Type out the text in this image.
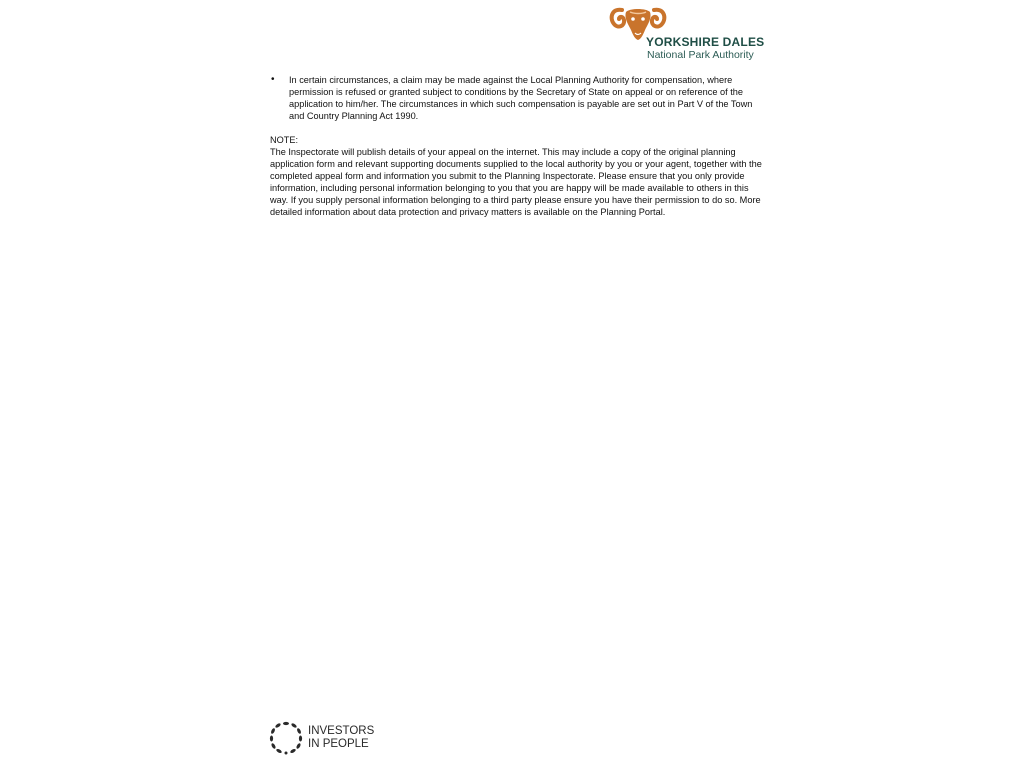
YORKSHIRE DALES
National Park Authority
• In certain circumstances, a claim may be made against the Local Planning Authority for compensation, where permission is refused or granted subject to conditions by the Secretary of State on appeal or on reference of the application to him/her. The circumstances in which such compensation is payable are set out in Part V of the Town and Country Planning Act 1990.

NOTE:

The Inspectorate will publish details of your appeal on the internet. This may include a copy of the original planning application form and relevant supporting documents supplied to the local authority by you or your agent, together with the completed appeal form and information you submit to the Planning Inspectorate. Please ensure that you only provide information, including personal information belonging to you that you are happy will be made available to others in this way. If you supply personal information belonging to a third party please ensure you have their permission to do so. More detailed information about data protection and privacy matters is available on the Planning Portal.

INVESTORS
IN PEOPLE
